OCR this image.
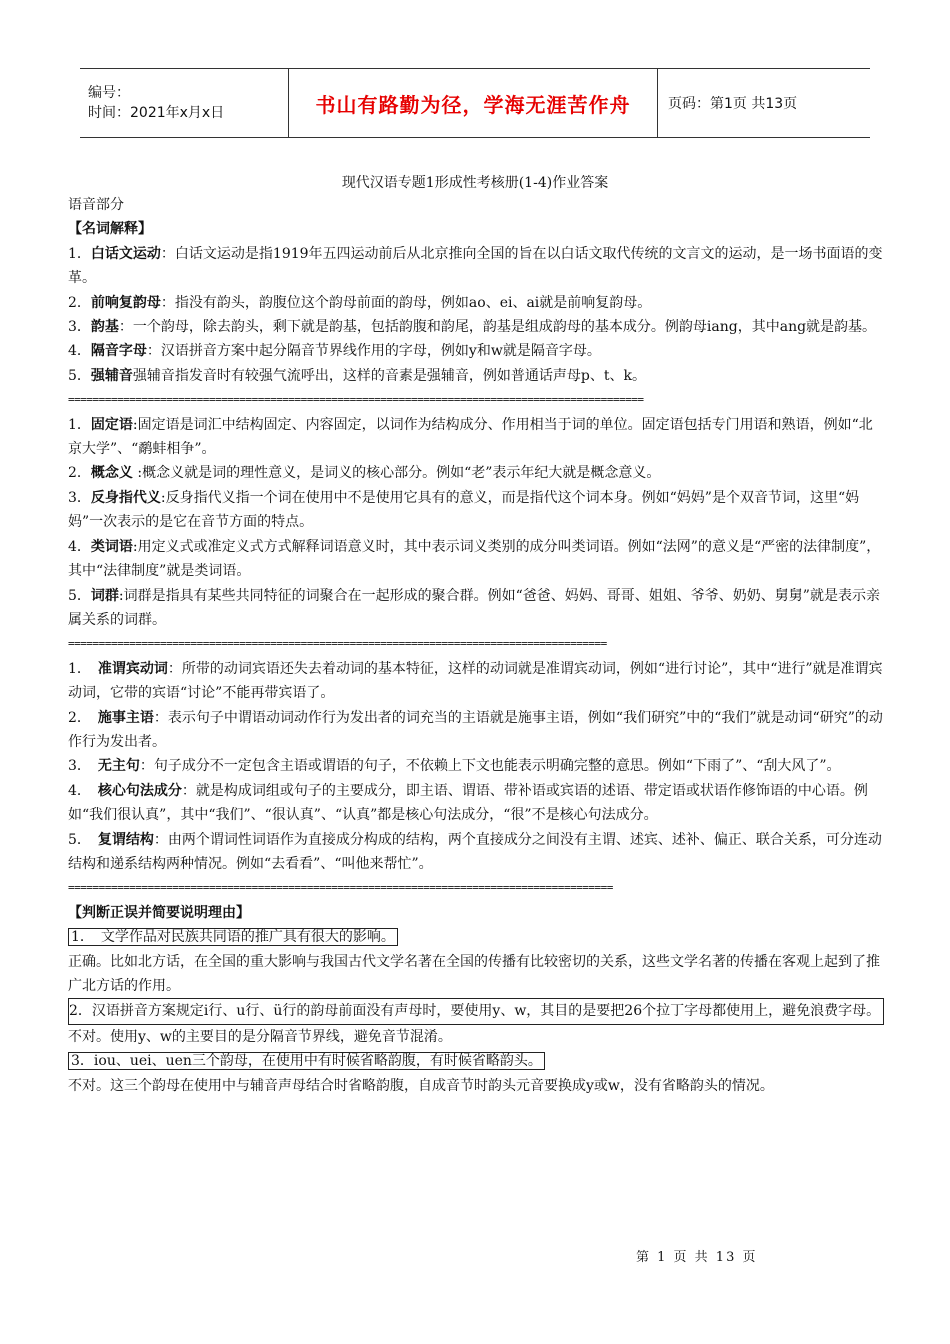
编号：
时间：2021年x月x日	书山有路勤为径，学海无涯苦作舟	页码：第1页 共13页
现代汉语专题1形成性考核册(1-4)作业答案

语音部分

【名词解释】

1．白话文运动：白话文运动是指1919年五四运动前后从北京推向全国的旨在以白话文取代传统的文言文的运动，是一场书面语的变革。

2．前响复韵母：指没有韵头，韵腹位这个韵母前面的韵母，例如ao、ei、ai就是前响复韵母。

3．韵基：一个韵母，除去韵头，剩下就是韵基，包括韵腹和韵尾，韵基是组成韵母的基本成分。例韵母iang，其中ang就是韵基。

4．隔音字母：汉语拼音方案中起分隔音节界线作用的字母，例如y和w就是隔音字母。

5．强辅音强辅音指发音时有较强气流呼出，这样的音素是强辅音，例如普通话声母p、t、k。

==============================================================================================

1．固定语:固定语是词汇中结构固定、内容固定，以词作为结构成分、作用相当于词的单位。固定语包括专门用语和熟语，例如“北京大学”、“鹬蚌相争”。

2．概念义 :概念义就是词的理性意义，是词义的核心部分。例如“老”表示年纪大就是概念意义。

3．反身指代义:反身指代义指一个词在使用中不是使用它具有的意义，而是指代这个词本身。例如“妈妈”是个双音节词，这里“妈妈”一次表示的是它在音节方面的特点。

4．类词语:用定义式或准定义式方式解释词语意义时，其中表示词义类别的成分叫类词语。例如“法网”的意义是“严密的法律制度”，其中“法律制度”就是类词语。

5．词群:词群是指具有某些共同特征的词聚合在一起形成的聚合群。例如“爸爸、妈妈、哥哥、姐姐、爷爷、奶奶、舅舅”就是表示亲属关系的词群。

========================================================================================

1．　准谓宾动词：所带的动词宾语还失去着动词的基本特征，这样的动词就是准谓宾动词，例如“进行讨论”，其中“进行”就是准谓宾动词，它带的宾语“讨论”不能再带宾语了。

2．　施事主语：表示句子中谓语动词动作行为发出者的词充当的主语就是施事主语，例如“我们研究”中的“我们”就是动词“研究”的动作行为发出者。

3．　无主句：句子成分不一定包含主语或谓语的句子，不依赖上下文也能表示明确完整的意思。例如“下雨了”、“刮大风了”。

4．　核心句法成分：就是构成词组或句子的主要成分，即主语、谓语、带补语或宾语的述语、带定语或状语作修饰语的中心语。例如“我们很认真”，其中“我们”、“很认真”、“认真”都是核心句法成分，“很”不是核心句法成分。

5．　复谓结构：由两个谓词性词语作为直接成分构成的结构，两个直接成分之间没有主谓、述宾、述补、偏正、联合关系，可分连动结构和递系结构两种情况。例如“去看看”、“叫他来帮忙”。

=========================================================================================

【判断正误并简要说明理由】

1．　文学作品对民族共同语的推广具有很大的影响。

正确。比如北方话，在全国的重大影响与我国古代文学名著在全国的传播有比较密切的关系，这些文学名著的传播在客观上起到了推广北方话的作用。

2．汉语拼音方案规定i行、u行、ü行的韵母前面没有声母时，要使用y、w，其目的是要把26个拉丁字母都使用上，避免浪费字母。

不对。使用y、w的主要目的是分隔音节界线，避免音节混淆。

3．iou、uei、uen三个韵母，在使用中有时候省略韵腹，有时候省略韵头。

不对。这三个韵母在使用中与辅音声母结合时省略韵腹，自成音节时韵头元音要换成y或w，没有省略韵头的情况。

第 1 页 共 13 页
